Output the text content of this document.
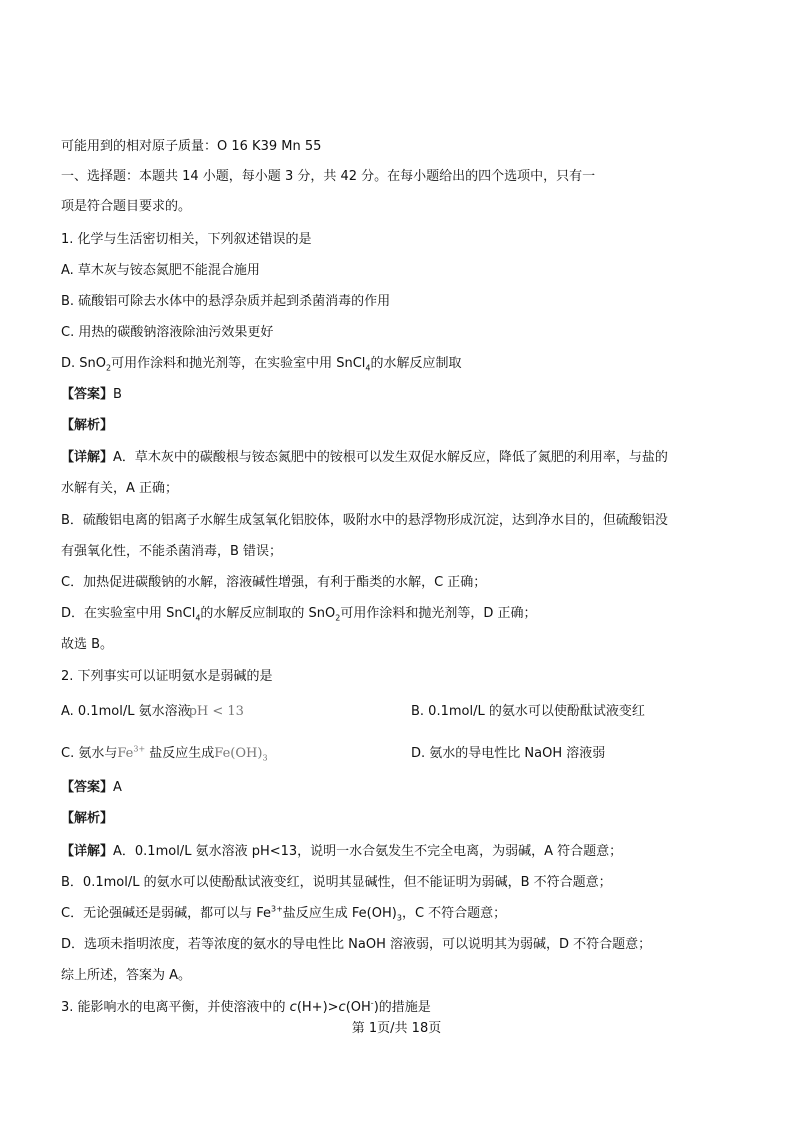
可能用到的相对原子质量：O 16 K39 Mn 55
一、选择题：本题共 14 小题，每小题 3 分，共 42 分。在每小题给出的四个选项中，只有一
项是符合题目要求的。
1. 化学与生活密切相关，下列叙述错误的是
A. 草木灰与铵态氮肥不能混合施用
B. 硫酸铝可除去水体中的悬浮杂质并起到杀菌消毒的作用
C. 用热的碳酸钠溶液除油污效果更好
D. SnO$_2$可用作涂料和抛光剂等，在实验室中用 SnCl$_4$的水解反应制取
【答案】B
【解析】
【详解】A．草木灰中的碳酸根与铵态氮肥中的铵根可以发生双促水解反应，降低了氮肥的利用率，与盐的
水解有关，A 正确；
B．硫酸铝电离的铝离子水解生成氢氧化铝胶体，吸附水中的悬浮物形成沉淀，达到净水目的，但硫酸铝没
有强氧化性，不能杀菌消毒，B 错误；
C．加热促进碳酸钠的水解，溶液碱性增强，有利于酯类的水解，C 正确；
D．在实验室中用 SnCl$_4$的水解反应制取的 SnO$_2$可用作涂料和抛光剂等，D 正确；
故选 B。
2. 下列事实可以证明氨水是弱碱的是
A. 0.1mol/L 氨水溶液pH < 13	B. 0.1mol/L 的氨水可以使酚酞试液变红
C. 氨水与$Fe^{3+}$ 盐反应生成$Fe(OH)_3$	D. 氨水的导电性比 NaOH 溶液弱
【答案】A
【解析】
【详解】A．0.1mol/L 氨水溶液 pH<13，说明一水合氨发生不完全电离，为弱碱，A 符合题意；
B．0.1mol/L 的氨水可以使酚酞试液变红，说明其显碱性，但不能证明为弱碱，B 不符合题意；
C．无论强碱还是弱碱，都可以与 $Fe^{3+}$盐反应生成 $Fe(OH)_3$，C 不符合题意；
D．选项未指明浓度，若等浓度的氨水的导电性比 NaOH 溶液弱，可以说明其为弱碱，D 不符合题意；
综上所述，答案为 A。
3. 能影响水的电离平衡，并使溶液中的 c(H+)>c(OH-)的措施是
第 1页/共 18页
